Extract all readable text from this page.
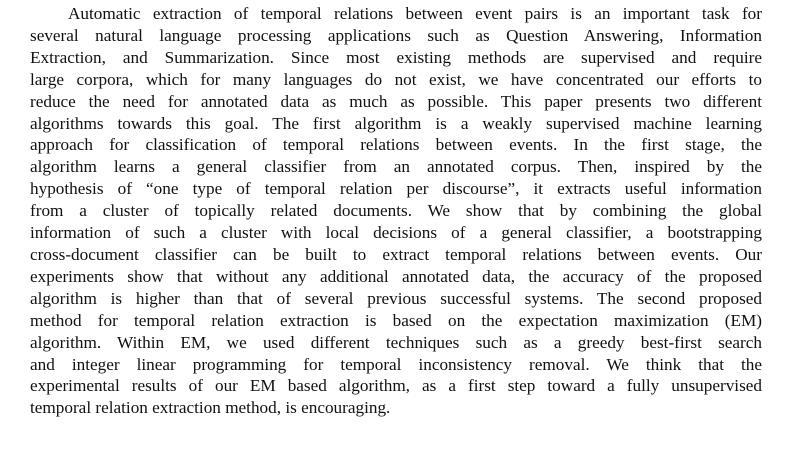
Automatic extraction of temporal relations between event pairs is an important task for
several natural language processing applications such as Question Answering, Information
Extraction, and Summarization. Since most existing methods are supervised and require
large corpora, which for many languages do not exist, we have concentrated our efforts to
reduce the need for annotated data as much as possible. This paper presents two different
algorithms towards this goal. The first algorithm is a weakly supervised machine learning
approach for classification of temporal relations between events. In the first stage, the
algorithm learns a general classifier from an annotated corpus. Then, inspired by the
hypothesis of “one type of temporal relation per discourse”, it extracts useful information
from a cluster of topically related documents. We show that by combining the global
information of such a cluster with local decisions of a general classifier, a bootstrapping
cross-document classifier can be built to extract temporal relations between events. Our
experiments show that without any additional annotated data, the accuracy of the proposed
algorithm is higher than that of several previous successful systems. The second proposed
method for temporal relation extraction is based on the expectation maximization (EM)
algorithm. Within EM, we used different techniques such as a greedy best-first search
and integer linear programming for temporal inconsistency removal. We think that the
experimental results of our EM based algorithm, as a first step toward a fully unsupervised
temporal relation extraction method, is encouraging.
